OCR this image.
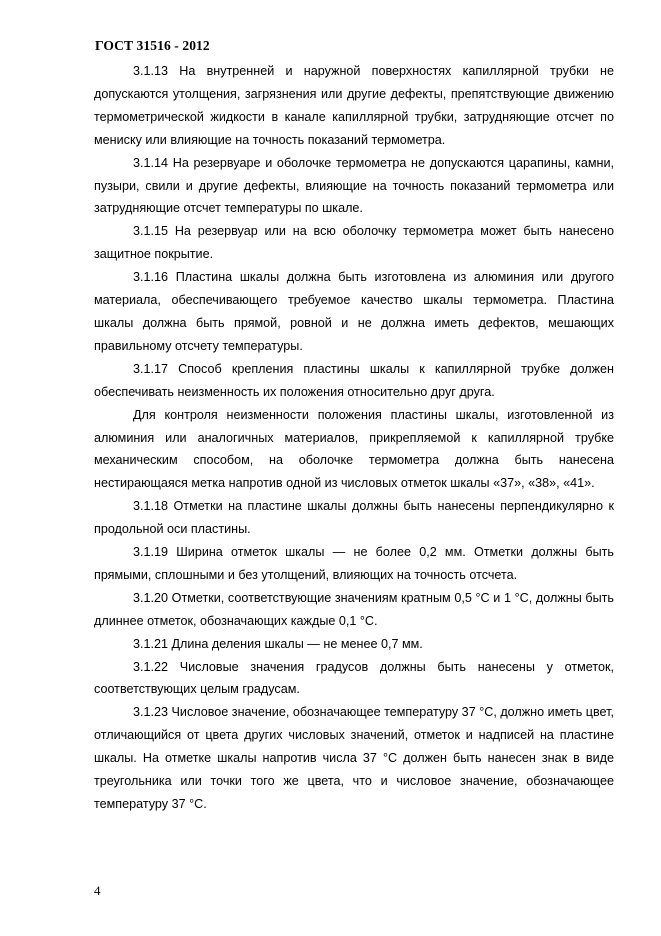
ГОСТ 31516 - 2012

3.1.13 На внутренней и наружной поверхностях капиллярной трубки не допускаются утолщения, загрязнения или другие дефекты, препятствующие движению термометрической жидкости в канале капиллярной трубки, затрудняющие отсчет по мениску или влияющие на точность показаний термометра.

3.1.14 На резервуаре и оболочке термометра не допускаются царапины, камни, пузыри, свили и другие дефекты, влияющие на точность показаний термометра или затрудняющие отсчет температуры по шкале.

3.1.15 На резервуар или на всю оболочку термометра может быть нанесено защитное покрытие.

3.1.16 Пластина шкалы должна быть изготовлена из алюминия или другого материала, обеспечивающего требуемое качество шкалы термометра. Пластина шкалы должна быть прямой, ровной и не должна иметь дефектов, мешающих правильному отсчету температуры.

3.1.17 Способ крепления пластины шкалы к капиллярной трубке должен обеспечивать неизменность их положения относительно друг друга.

Для контроля неизменности положения пластины шкалы, изготовленной из алюминия или аналогичных материалов, прикрепляемой к капиллярной трубке механическим способом, на оболочке термометра должна быть нанесена нестирающаяся метка напротив одной из числовых отметок шкалы «37», «38», «41».

3.1.18 Отметки на пластине шкалы должны быть нанесены перпендикулярно к продольной оси пластины.

3.1.19 Ширина отметок шкалы — не более 0,2 мм. Отметки должны быть прямыми, сплошными и без утолщений, влияющих на точность отсчета.

3.1.20 Отметки, соответствующие значениям кратным 0,5 °С и 1 °С, должны быть длиннее отметок, обозначающих каждые 0,1 °С.

3.1.21 Длина деления шкалы — не менее 0,7 мм.

3.1.22 Числовые значения градусов должны быть нанесены у отметок, соответствующих целым градусам.

3.1.23 Числовое значение, обозначающее температуру 37 °С, должно иметь цвет, отличающийся от цвета других числовых значений, отметок и надписей на пластине шкалы. На отметке шкалы напротив числа 37 °С должен быть нанесен знак в виде треугольника или точки того же цвета, что и числовое значение, обозначающее температуру 37 °С.

4
